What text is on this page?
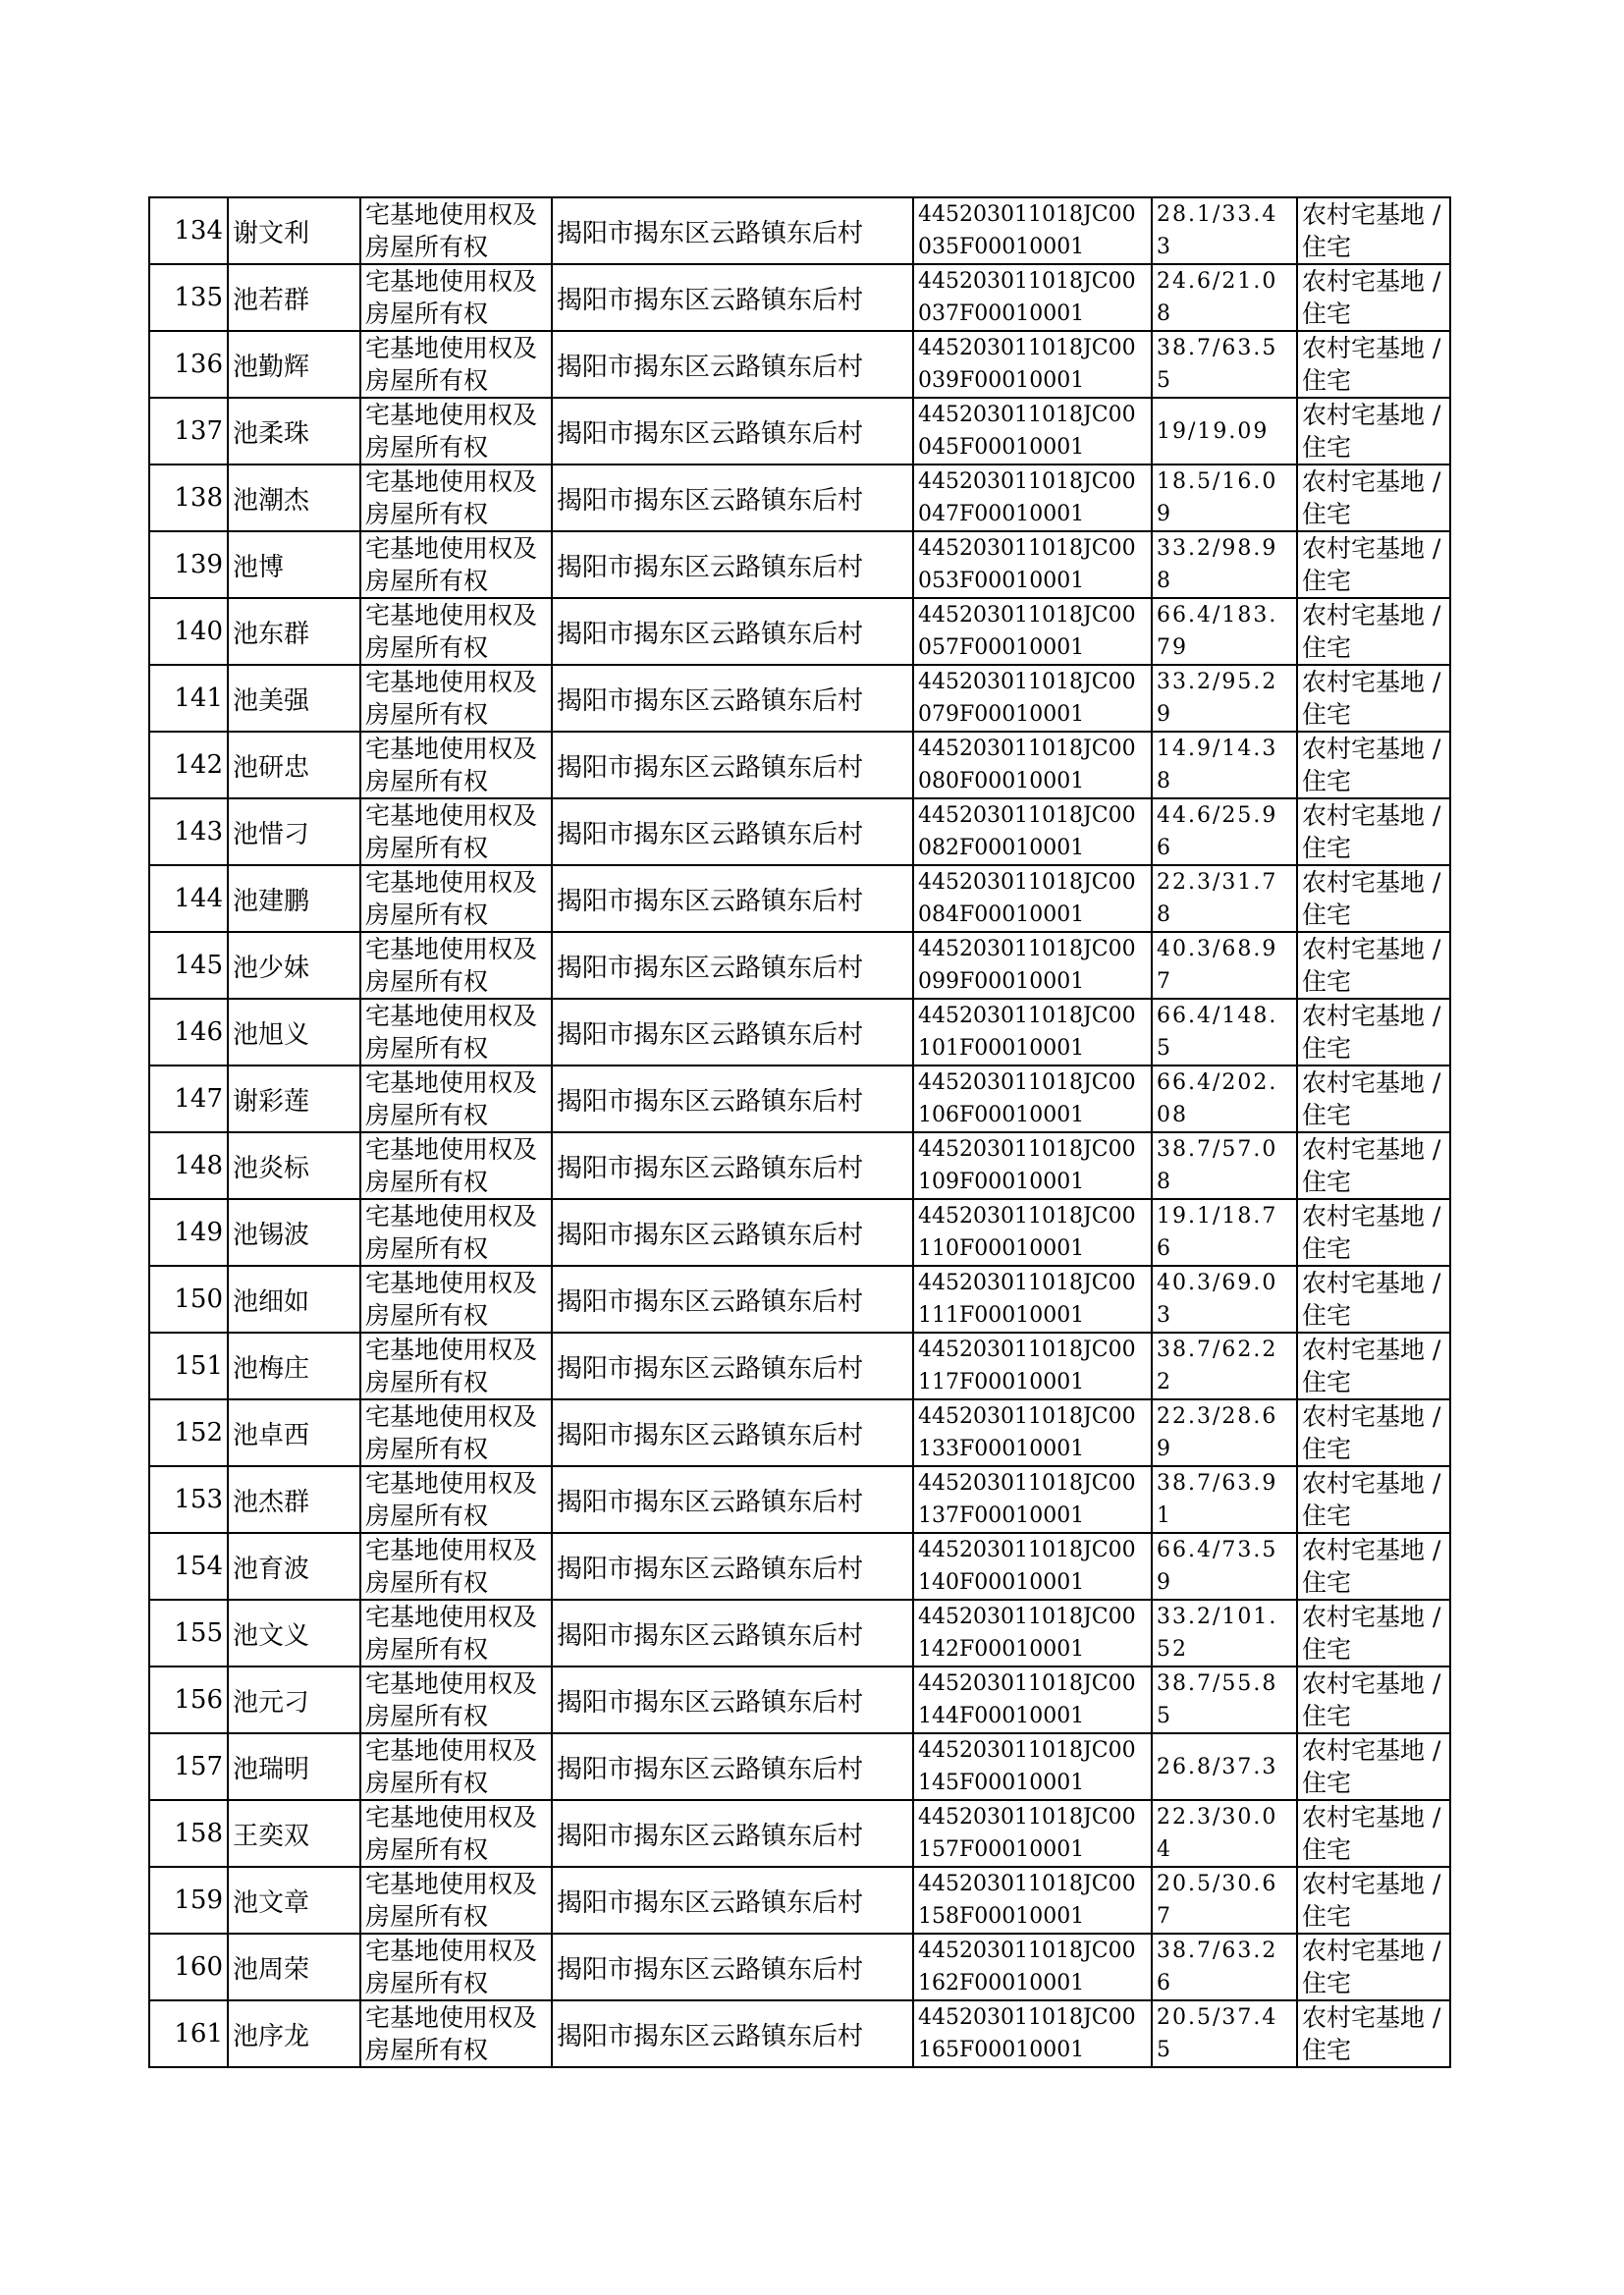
134	谢文利	宅基地使用权及房屋所有权	揭阳市揭东区云路镇东后村	445203011018JC00035F00010001	28.1/33.43	农村宅基地 / 住宅
135	池若群	宅基地使用权及房屋所有权	揭阳市揭东区云路镇东后村	445203011018JC00037F00010001	24.6/21.08	农村宅基地 / 住宅
136	池勤辉	宅基地使用权及房屋所有权	揭阳市揭东区云路镇东后村	445203011018JC00039F00010001	38.7/63.55	农村宅基地 / 住宅
137	池柔珠	宅基地使用权及房屋所有权	揭阳市揭东区云路镇东后村	445203011018JC00045F00010001	19/19.09	农村宅基地 / 住宅
138	池潮杰	宅基地使用权及房屋所有权	揭阳市揭东区云路镇东后村	445203011018JC00047F00010001	18.5/16.09	农村宅基地 / 住宅
139	池博	宅基地使用权及房屋所有权	揭阳市揭东区云路镇东后村	445203011018JC00053F00010001	33.2/98.98	农村宅基地 / 住宅
140	池东群	宅基地使用权及房屋所有权	揭阳市揭东区云路镇东后村	445203011018JC00057F00010001	66.4/183.79	农村宅基地 / 住宅
141	池美强	宅基地使用权及房屋所有权	揭阳市揭东区云路镇东后村	445203011018JC00079F00010001	33.2/95.29	农村宅基地 / 住宅
142	池研忠	宅基地使用权及房屋所有权	揭阳市揭东区云路镇东后村	445203011018JC00080F00010001	14.9/14.38	农村宅基地 / 住宅
143	池惜刁	宅基地使用权及房屋所有权	揭阳市揭东区云路镇东后村	445203011018JC00082F00010001	44.6/25.96	农村宅基地 / 住宅
144	池建鹏	宅基地使用权及房屋所有权	揭阳市揭东区云路镇东后村	445203011018JC00084F00010001	22.3/31.78	农村宅基地 / 住宅
145	池少妹	宅基地使用权及房屋所有权	揭阳市揭东区云路镇东后村	445203011018JC00099F00010001	40.3/68.97	农村宅基地 / 住宅
146	池旭义	宅基地使用权及房屋所有权	揭阳市揭东区云路镇东后村	445203011018JC00101F00010001	66.4/148.5	农村宅基地 / 住宅
147	谢彩莲	宅基地使用权及房屋所有权	揭阳市揭东区云路镇东后村	445203011018JC00106F00010001	66.4/202.08	农村宅基地 / 住宅
148	池炎标	宅基地使用权及房屋所有权	揭阳市揭东区云路镇东后村	445203011018JC00109F00010001	38.7/57.08	农村宅基地 / 住宅
149	池锡波	宅基地使用权及房屋所有权	揭阳市揭东区云路镇东后村	445203011018JC00110F00010001	19.1/18.76	农村宅基地 / 住宅
150	池细如	宅基地使用权及房屋所有权	揭阳市揭东区云路镇东后村	445203011018JC00111F00010001	40.3/69.03	农村宅基地 / 住宅
151	池梅庄	宅基地使用权及房屋所有权	揭阳市揭东区云路镇东后村	445203011018JC00117F00010001	38.7/62.22	农村宅基地 / 住宅
152	池卓西	宅基地使用权及房屋所有权	揭阳市揭东区云路镇东后村	445203011018JC00133F00010001	22.3/28.69	农村宅基地 / 住宅
153	池杰群	宅基地使用权及房屋所有权	揭阳市揭东区云路镇东后村	445203011018JC00137F00010001	38.7/63.91	农村宅基地 / 住宅
154	池育波	宅基地使用权及房屋所有权	揭阳市揭东区云路镇东后村	445203011018JC00140F00010001	66.4/73.59	农村宅基地 / 住宅
155	池文义	宅基地使用权及房屋所有权	揭阳市揭东区云路镇东后村	445203011018JC00142F00010001	33.2/101.52	农村宅基地 / 住宅
156	池元刁	宅基地使用权及房屋所有权	揭阳市揭东区云路镇东后村	445203011018JC00144F00010001	38.7/55.85	农村宅基地 / 住宅
157	池瑞明	宅基地使用权及房屋所有权	揭阳市揭东区云路镇东后村	445203011018JC00145F00010001	26.8/37.3	农村宅基地 / 住宅
158	王奕双	宅基地使用权及房屋所有权	揭阳市揭东区云路镇东后村	445203011018JC00157F00010001	22.3/30.04	农村宅基地 / 住宅
159	池文章	宅基地使用权及房屋所有权	揭阳市揭东区云路镇东后村	445203011018JC00158F00010001	20.5/30.67	农村宅基地 / 住宅
160	池周荣	宅基地使用权及房屋所有权	揭阳市揭东区云路镇东后村	445203011018JC00162F00010001	38.7/63.26	农村宅基地 / 住宅
161	池序龙	宅基地使用权及房屋所有权	揭阳市揭东区云路镇东后村	445203011018JC00165F00010001	20.5/37.45	农村宅基地 / 住宅
